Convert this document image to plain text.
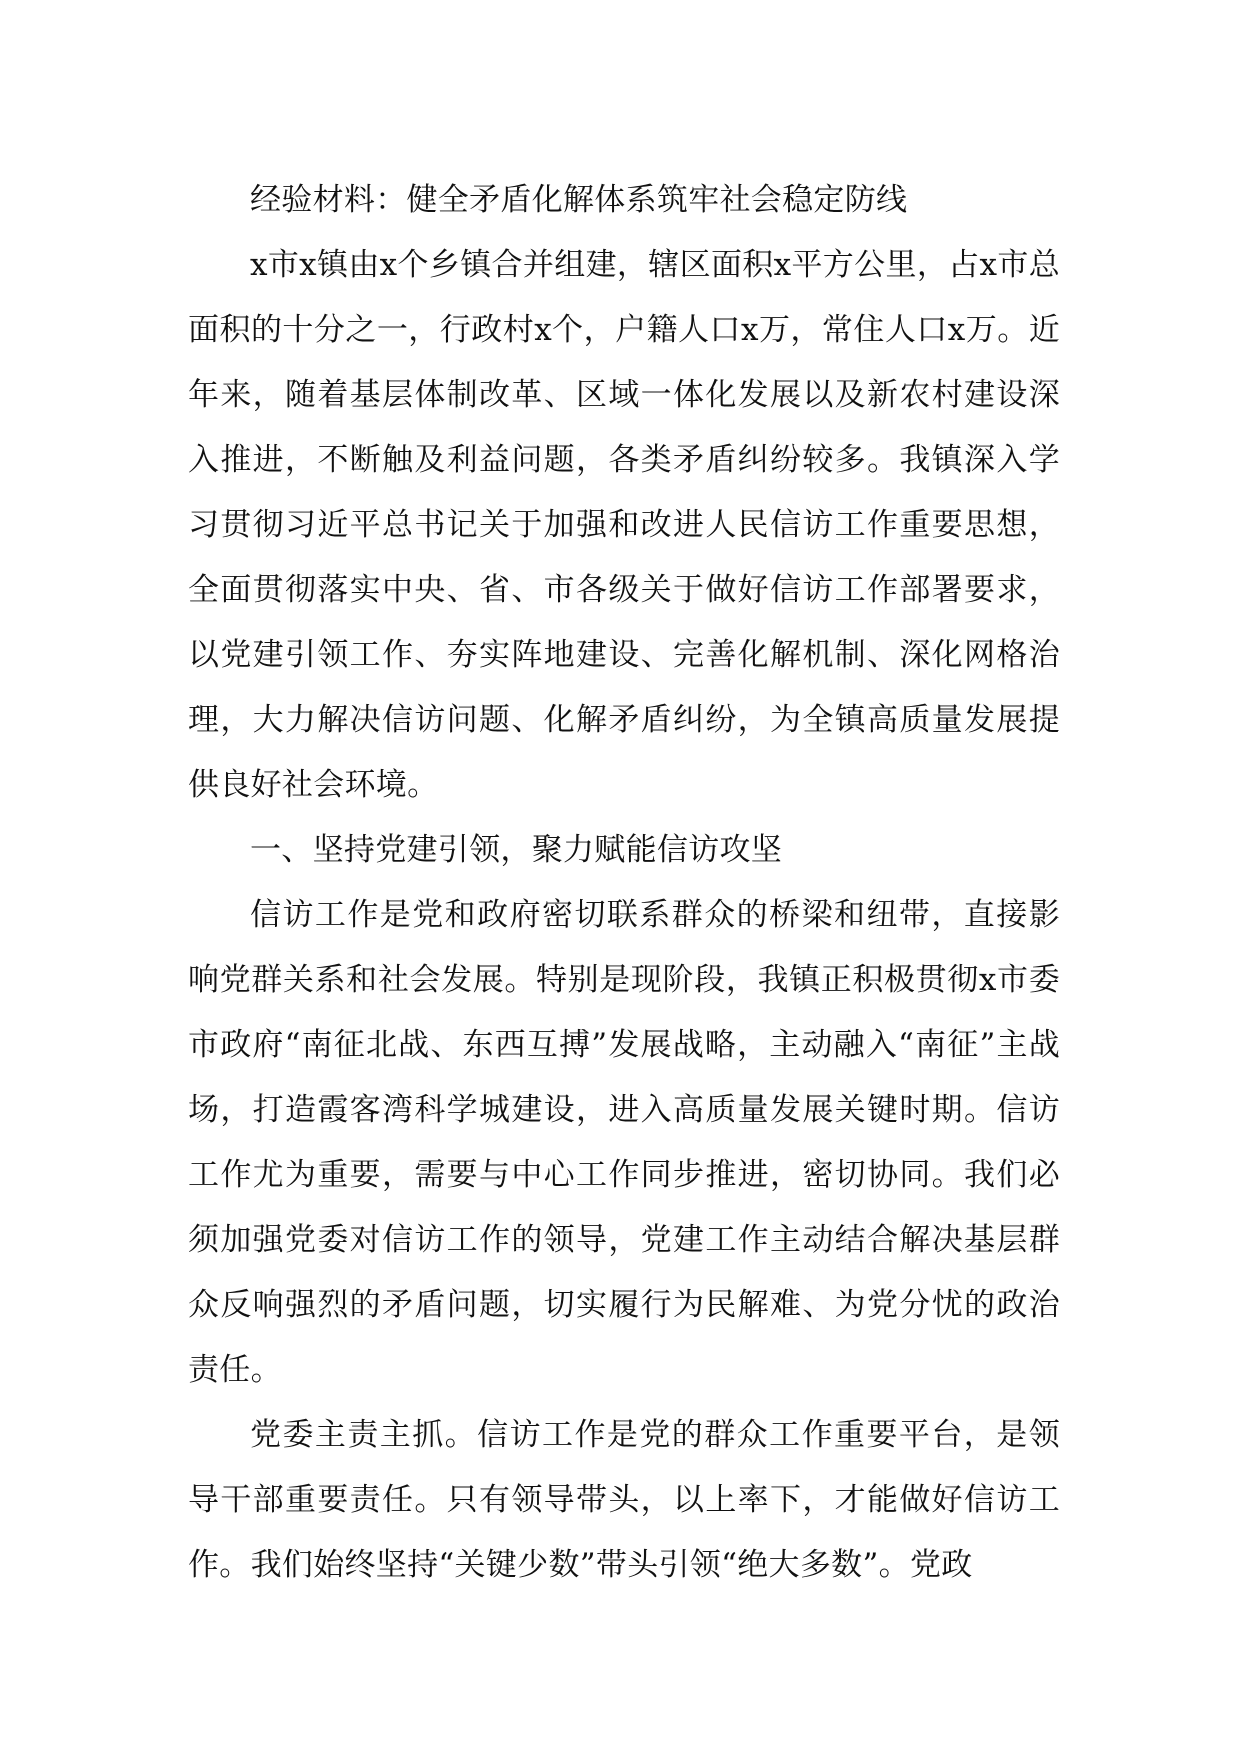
经验材料：健全矛盾化解体系筑牢社会稳定防线

x市x镇由x个乡镇合并组建，辖区面积x平方公里，占x市总面积的十分之一，行政村x个，户籍人口x万，常住人口x万。近年来，随着基层体制改革、区域一体化发展以及新农村建设深入推进，不断触及利益问题，各类矛盾纠纷较多。我镇深入学习贯彻习近平总书记关于加强和改进人民信访工作重要思想，全面贯彻落实中央、省、市各级关于做好信访工作部署要求，以党建引领工作、夯实阵地建设、完善化解机制、深化网格治理，大力解决信访问题、化解矛盾纠纷，为全镇高质量发展提供良好社会环境。

一、坚持党建引领，聚力赋能信访攻坚

信访工作是党和政府密切联系群众的桥梁和纽带，直接影响党群关系和社会发展。特别是现阶段，我镇正积极贯彻x市委市政府“南征北战、东西互搏”发展战略，主动融入“南征”主战场，打造霞客湾科学城建设，进入高质量发展关键时期。信访工作尤为重要，需要与中心工作同步推进，密切协同。我们必须加强党委对信访工作的领导，党建工作主动结合解决基层群众反响强烈的矛盾问题，切实履行为民解难、为党分忧的政治责任。

党委主责主抓。信访工作是党的群众工作重要平台，是领导干部重要责任。只有领导带头，以上率下，才能做好信访工作。我们始终坚持“关键少数”带头引领“绝大多数”。党政
